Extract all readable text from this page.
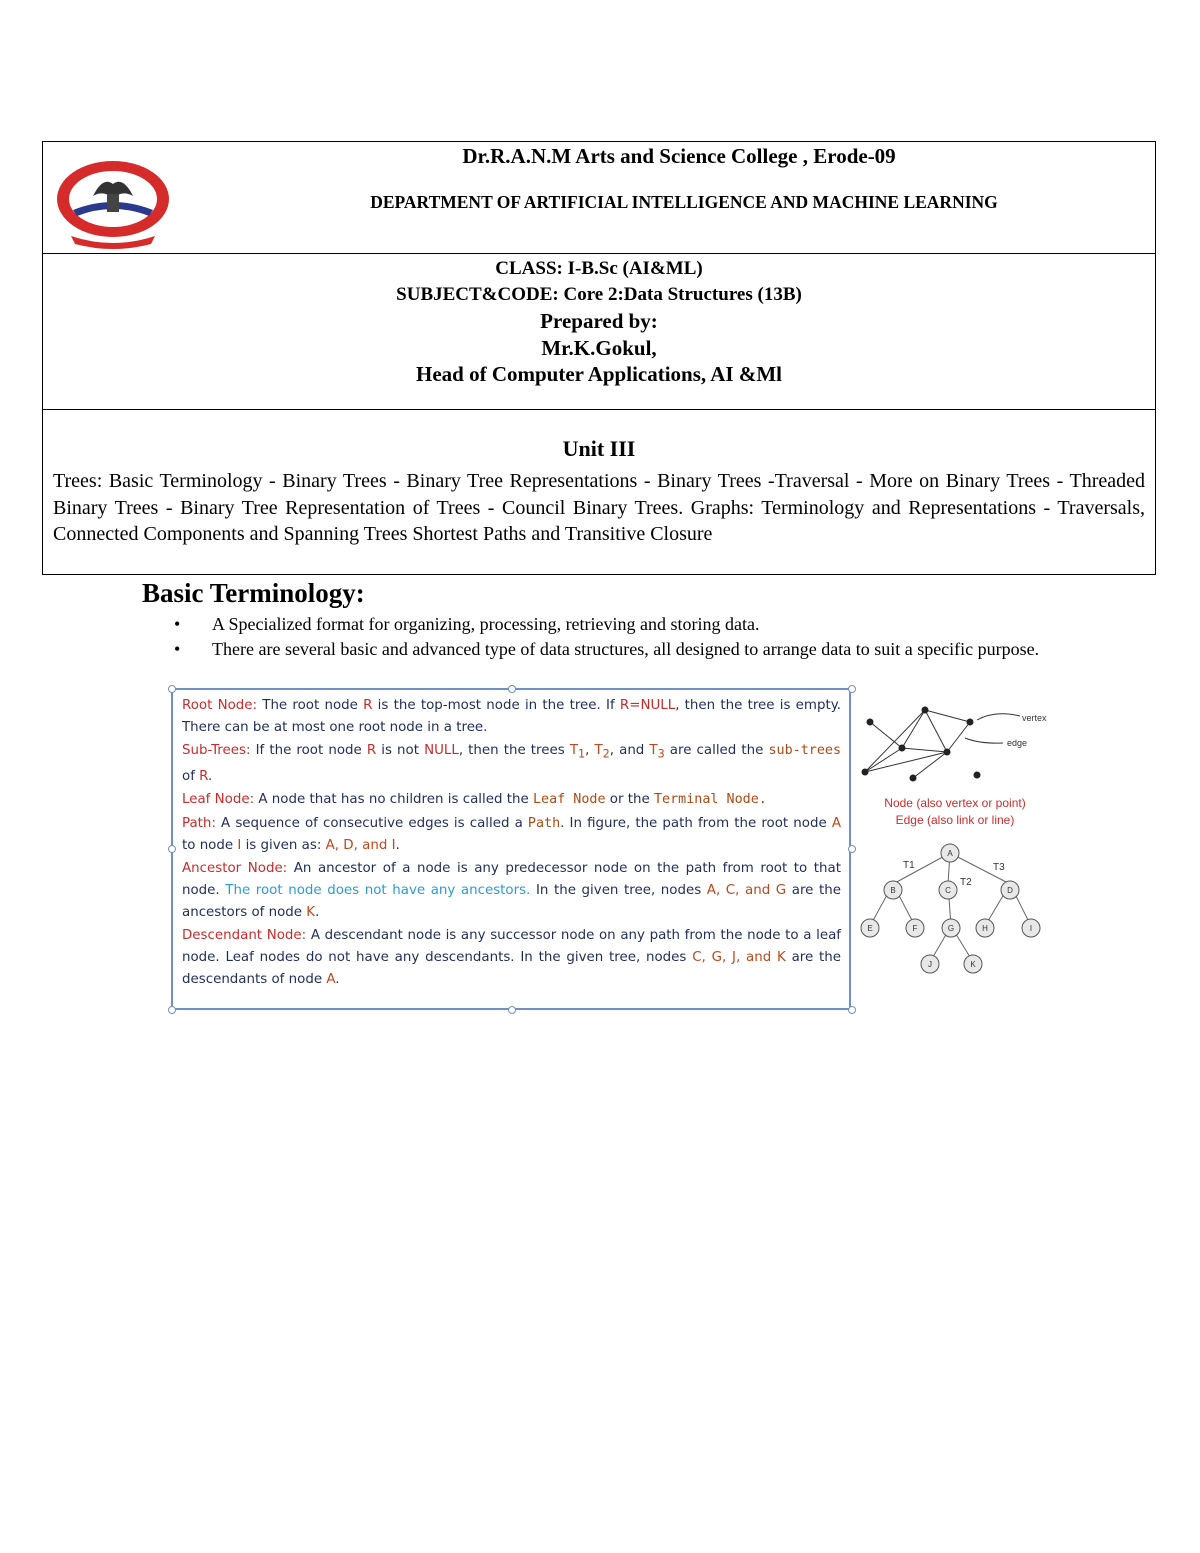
Dr.R.A.N.M Arts and Science College , Erode-09
DEPARTMENT OF ARTIFICIAL INTELLIGENCE AND MACHINE LEARNING
CLASS: I-B.Sc (AI&ML)
SUBJECT&CODE: Core 2:Data Structures (13B)
Prepared by:
Mr.K.Gokul,
Head of Computer Applications, AI &Ml
Unit III
Trees: Basic Terminology - Binary Trees - Binary Tree Representations - Binary Trees -Traversal - More on Binary Trees - Threaded Binary Trees - Binary Tree Representation of Trees - Council Binary Trees. Graphs: Terminology and Representations - Traversals, Connected Components and Spanning Trees Shortest Paths and Transitive Closure
Basic Terminology:
• A Specialized format for organizing, processing, retrieving and storing data.
• There are several basic and advanced type of data structures, all designed to arrange data to suit a specific purpose.

Root Node: The root node R is the top-most node in the tree. If R=NULL, then the tree is empty. There can be at most one root node in a tree.

Sub-Trees: If the root node R is not NULL, then the trees $T_1$, $T_2$, and $T_3$ are called the sub-trees of R.

Leaf Node: A node that has no children is called the Leaf Node or the Terminal Node.

Path: A sequence of consecutive edges is called a Path. In figure, the path from the root node A to node I is given as: A, D, and I.

Ancestor Node: An ancestor of a node is any predecessor node on the path from root to that node. The root node does not have any ancestors. In the given tree, nodes A, C, and G are the ancestors of node K.

Descendant Node: A descendant node is any successor node on any path from the node to a leaf node. Leaf nodes do not have any descendants. In the given tree, nodes C, G, J, and K are the descendants of node A.

vertex
edge
Node (also vertex or point)
Edge (also link or line)
A
B	C	D
E	F	G	H	I
J	K
T1
T2
T3
